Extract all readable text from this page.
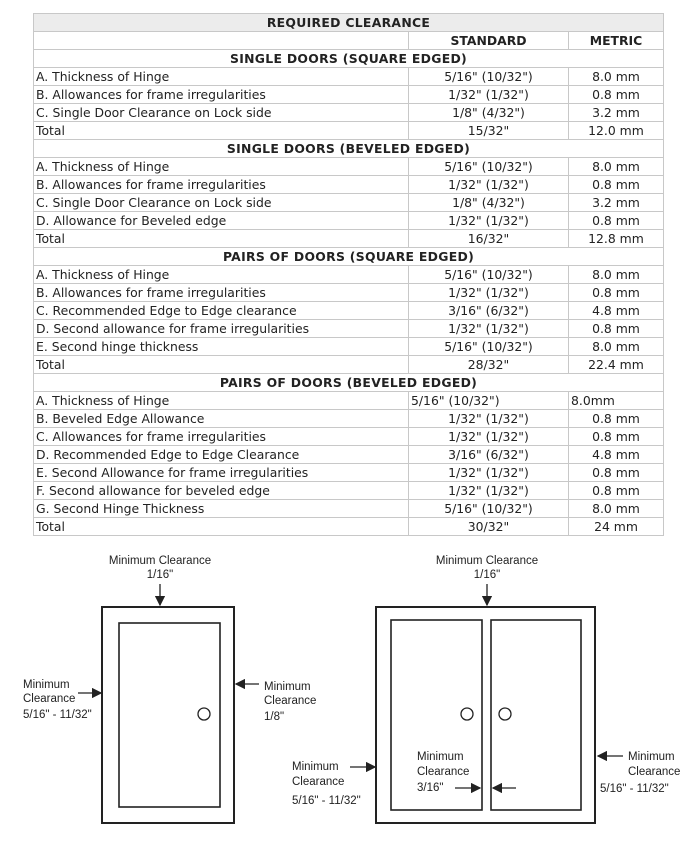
REQUIRED CLEARANCE		
	STANDARD	METRIC
SINGLE DOORS (SQUARE EDGED)		
A. Thickness of Hinge	5/16" (10/32")	8.0 mm
B. Allowances for frame irregularities	1/32" (1/32")	0.8 mm
C. Single Door Clearance on Lock side	1/8" (4/32")	3.2 mm
Total	15/32"	12.0 mm
SINGLE DOORS (BEVELED EDGED)		
A. Thickness of Hinge	5/16" (10/32")	8.0 mm
B. Allowances for frame irregularities	1/32" (1/32")	0.8 mm
C. Single Door Clearance on Lock side	1/8" (4/32")	3.2 mm
D. Allowance for Beveled edge	1/32" (1/32")	0.8 mm
Total	16/32"	12.8 mm
PAIRS OF DOORS (SQUARE EDGED)		
A. Thickness of Hinge	5/16" (10/32")	8.0 mm
B. Allowances for frame irregularities	1/32" (1/32")	0.8 mm
C. Recommended Edge to Edge clearance	3/16" (6/32")	4.8 mm
D. Second allowance for frame irregularities	1/32" (1/32")	0.8 mm
E. Second hinge thickness	5/16" (10/32")	8.0 mm
Total	28/32"	22.4 mm
PAIRS OF DOORS (BEVELED EDGED)		
A. Thickness of Hinge	5/16" (10/32")	8.0mm
B. Beveled Edge Allowance	1/32" (1/32")	0.8 mm
C. Allowances for frame irregularities	1/32" (1/32")	0.8 mm
D. Recommended Edge to Edge Clearance	3/16" (6/32")	4.8 mm
E. Second Allowance for frame irregularities	1/32" (1/32")	0.8 mm
F. Second allowance for beveled edge	1/32" (1/32")	0.8 mm
G. Second Hinge Thickness	5/16" (10/32")	8.0 mm
Total	30/32"	24 mm
Minimum Clearance
1/16"
Minimum
Clearance
5/16" - 11/32"
Minimum
Clearance
1/8"
Minimum Clearance
1/16"
Minimum
Clearance
5/16" - 11/32"
Minimum
Clearance
3/16"
Minimum
Clearance
5/16" - 11/32"
